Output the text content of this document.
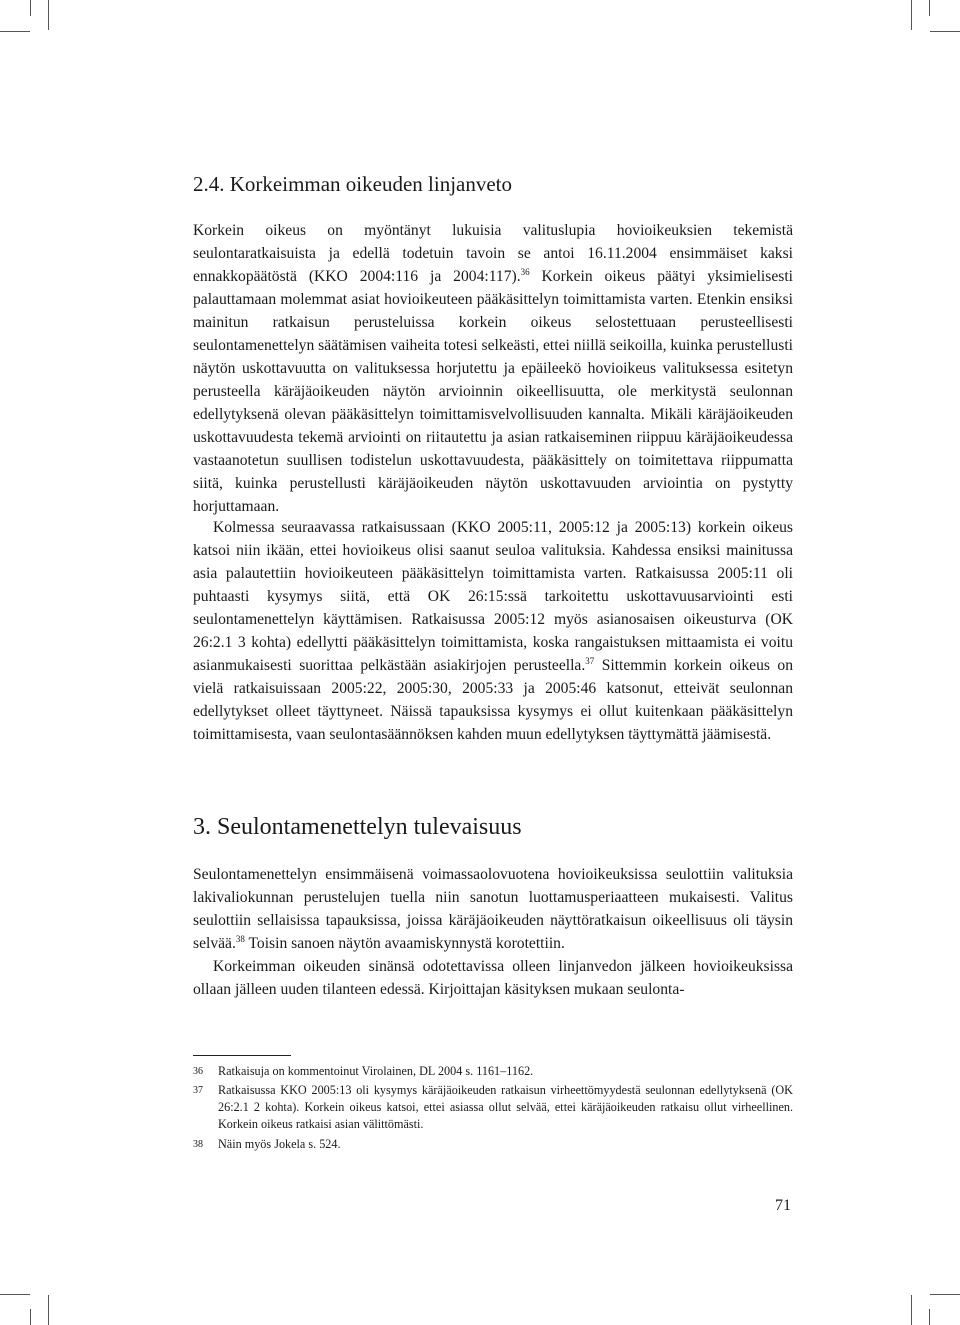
2.4. Korkeimman oikeuden linjanveto

Korkein oikeus on myöntänyt lukuisia valituslupia hovioikeuksien tekemistä seulontaratkaisuista ja edellä todetuin tavoin se antoi 16.11.2004 ensimmäiset kaksi ennakkopäätöstä (KKO 2004:116 ja 2004:117).$^{36}$ Korkein oikeus päätyi yksimielisesti palauttamaan molemmat asiat hovioikeuteen pääkäsittelyn toimittamista varten. Etenkin ensiksi mainitun ratkaisun perusteluissa korkein oikeus selostettuaan perusteellisesti seulontamenettelyn säätämisen vaiheita totesi selkeästi, ettei niillä seikoilla, kuinka perustellusti näytön uskottavuutta on valituksessa horjutettu ja epäileekö hovioikeus valituksessa esitetyn perusteella käräjäoikeuden näytön arvioinnin oikeellisuutta, ole merkitystä seulonnan edellytyksenä olevan pääkäsittelyn toimittamisvelvollisuuden kannalta. Mikäli käräjäoikeuden uskottavuudesta tekemä arviointi on riitautettu ja asian ratkaiseminen riippuu käräjäoikeudessa vastaanotetun suullisen todistelun uskottavuudesta, pääkäsittely on toimitettava riippumatta siitä, kuinka perustellusti käräjäoikeuden näytön uskottavuuden arviointia on pystytty horjuttamaan.

Kolmessa seuraavassa ratkaisussaan (KKO 2005:11, 2005:12 ja 2005:13) korkein oikeus katsoi niin ikään, ettei hovioikeus olisi saanut seuloa valituksia. Kahdessa ensiksi mainitussa asia palautettiin hovioikeuteen pääkäsittelyn toimittamista varten. Ratkaisussa 2005:11 oli puhtaasti kysymys siitä, että OK 26:15:ssä tarkoitettu uskottavuusarviointi esti seulontamenettelyn käyttämisen. Ratkaisussa 2005:12 myös asianosaisen oikeusturva (OK 26:2.1 3 kohta) edellytti pääkäsittelyn toimittamista, koska rangaistuksen mittaamista ei voitu asianmukaisesti suorittaa pelkästään asiakirjojen perusteella.$^{37}$ Sittemmin korkein oikeus on vielä ratkaisuissaan 2005:22, 2005:30, 2005:33 ja 2005:46 katsonut, etteivät seulonnan edellytykset olleet täyttyneet. Näissä tapauksissa kysymys ei ollut kuitenkaan pääkäsittelyn toimittamisesta, vaan seulontasäännöksen kahden muun edellytyksen täyttymättä jäämisestä.

3. Seulontamenettelyn tulevaisuus

Seulontamenettelyn ensimmäisenä voimassaolovuotena hovioikeuksissa seulottiin valituksia lakivaliokunnan perustelujen tuella niin sanotun luottamusperiaatteen mukaisesti. Valitus seulottiin sellaisissa tapauksissa, joissa käräjäoikeuden näyttöratkaisun oikeellisuus oli täysin selvää.$^{38}$ Toisin sanoen näytön avaamiskynnystä korotettiin.

Korkeimman oikeuden sinänsä odotettavissa olleen linjanvedon jälkeen hovioikeuksissa ollaan jälleen uuden tilanteen edessä. Kirjoittajan käsityksen mukaan seulonta-

36 Ratkaisuja on kommentoinut Virolainen, DL 2004 s. 1161–1162.
37 Ratkaisussa KKO 2005:13 oli kysymys käräjäoikeuden ratkaisun virheettömyydestä seulonnan edellytyksenä (OK 26:2.1 2 kohta). Korkein oikeus katsoi, ettei asiassa ollut selvää, ettei käräjäoikeuden ratkaisu ollut virheellinen. Korkein oikeus ratkaisi asian välittömästi.
38 Näin myös Jokela s. 524.
71
